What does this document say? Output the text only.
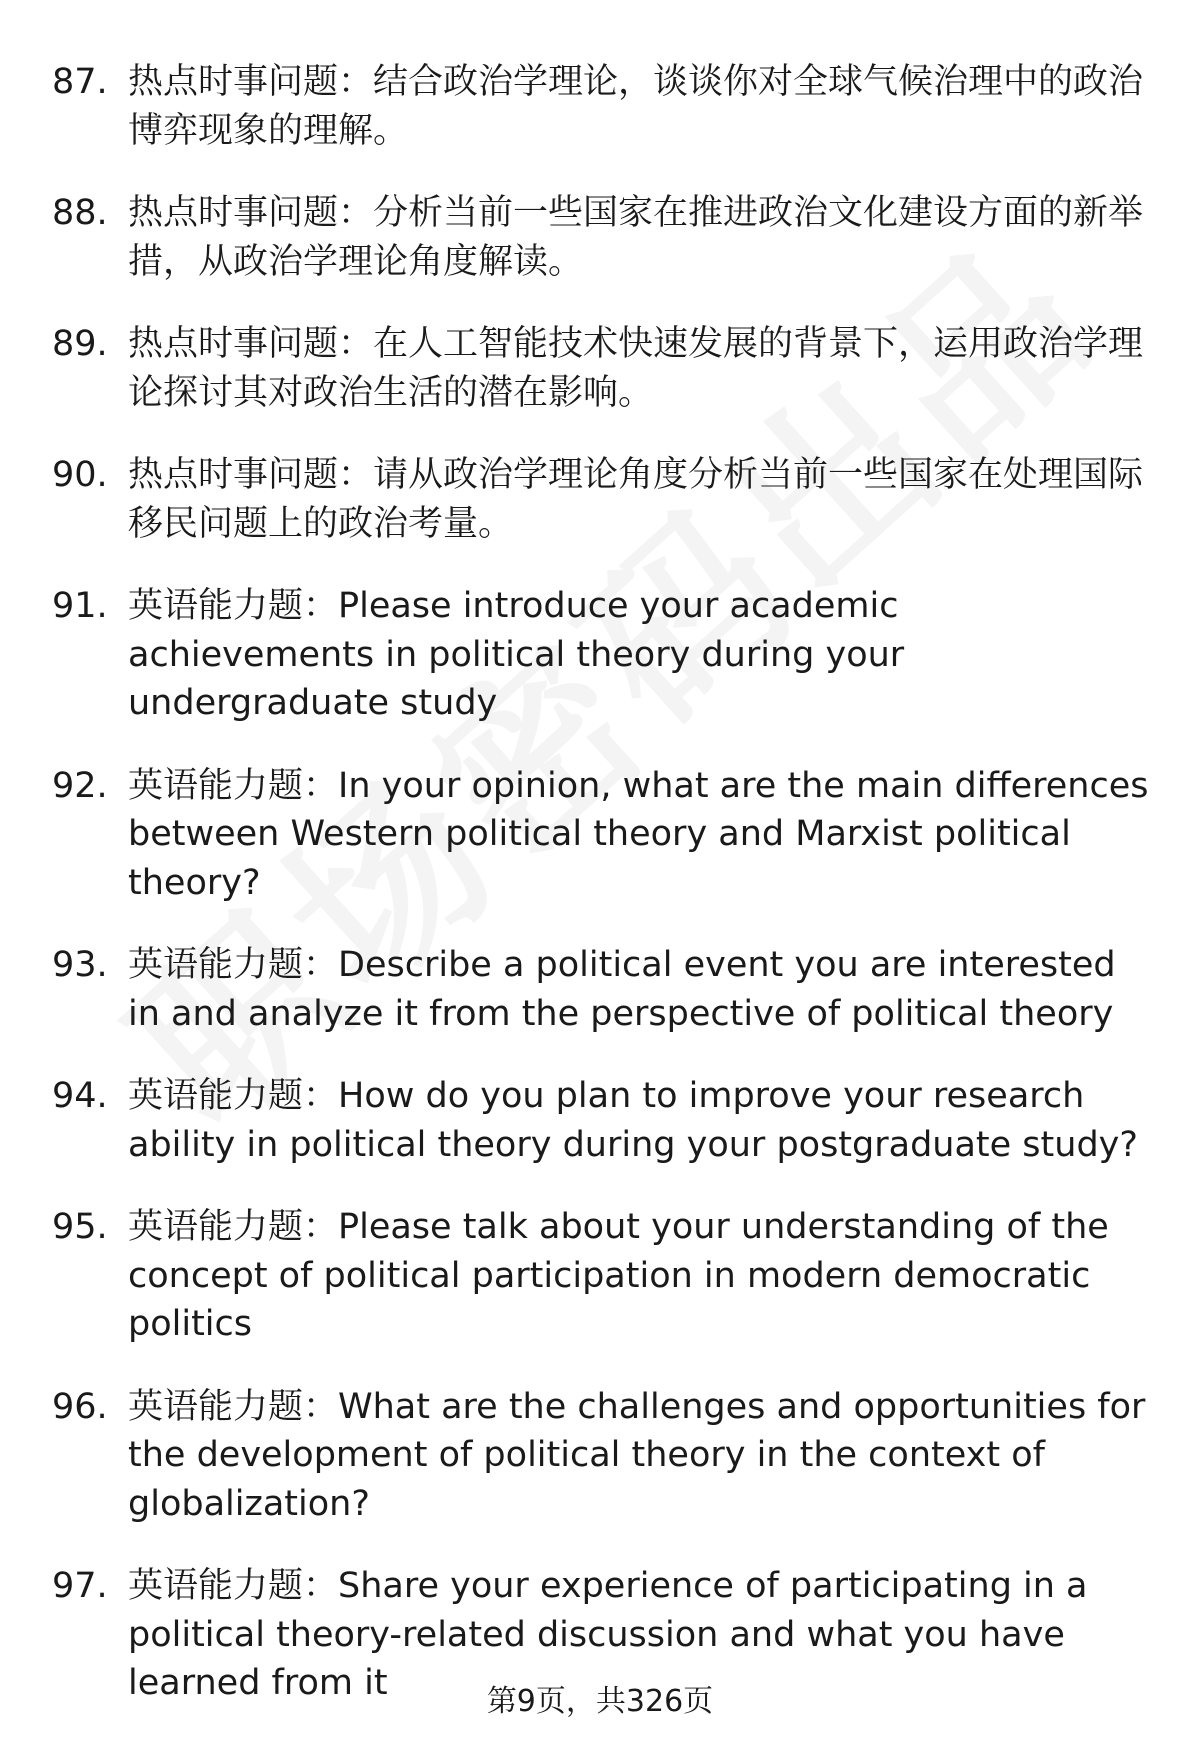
87. 热点时事问题：结合政治学理论，谈谈你对全球气候治理中的政治博弈现象的理解。
88. 热点时事问题：分析当前一些国家在推进政治文化建设方面的新举措，从政治学理论角度解读。
89. 热点时事问题：在人工智能技术快速发展的背景下，运用政治学理论探讨其对政治生活的潜在影响。
90. 热点时事问题：请从政治学理论角度分析当前一些国家在处理国际移民问题上的政治考量。
91. 英语能力题：Please introduce your academic achievements in political theory during your undergraduate study
92. 英语能力题：In your opinion, what are the main differences between Western political theory and Marxist political theory?
93. 英语能力题：Describe a political event you are interested in and analyze it from the perspective of political theory
94. 英语能力题：How do you plan to improve your research ability in political theory during your postgraduate study?
95. 英语能力题：Please talk about your understanding of the concept of political participation in modern democratic politics
96. 英语能力题：What are the challenges and opportunities for the development of political theory in the context of globalization?
97. 英语能力题：Share your experience of participating in a political theory-related discussion and what you have learned from it	第9页，共326页
